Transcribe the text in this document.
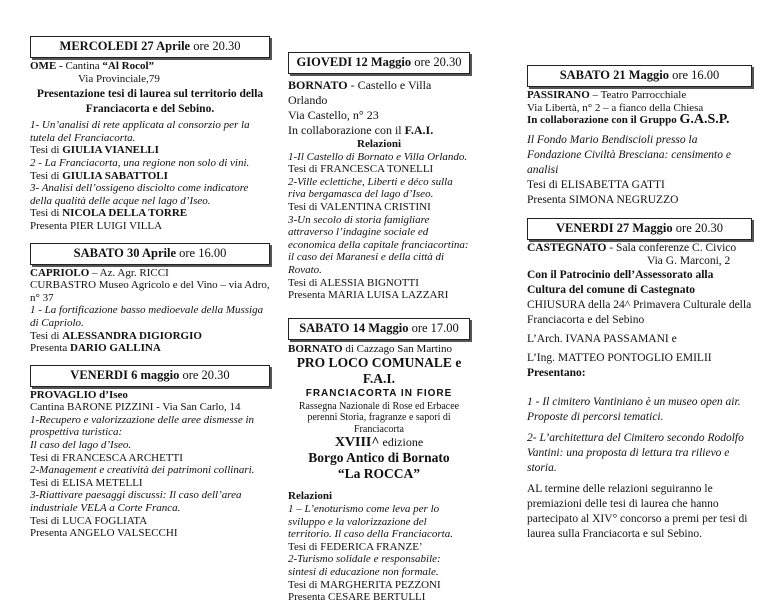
MERCOLEDI 27 Aprile ore 20.30

OME - Cantina “Al Rocol”

Via Provinciale,79

Presentazione tesi di laurea sul territorio della Franciacorta e del Sebino.

1- Un’analisi di rete applicata al consorzio per la tutela del Franciacorta.

Tesi di GIULIA VIANELLI

2 - La Franciacorta, una regione non solo di vini.

Tesi di GIULIA SABATTOLI

3- Analisi dell’ossigeno disciolto come indicatore della qualità delle acque nel lago d’Iseo.

Tesi di NICOLA DELLA TORRE

Presenta PIER LUIGI VILLA

SABATO 30 Aprile ore 16.00

CAPRIOLO – Az. Agr. RICCI

CURBASTRO Museo Agricolo e del Vino – via Adro, n° 37

1 - La fortificazione basso medioevale della Mussiga di Capriolo.

Tesi di ALESSANDRA DIGIORGIO

Presenta DARIO GALLINA

VENERDI 6 maggio ore 20.30

PROVAGLIO d’Iseo

Cantina BARONE PIZZINI - Via San Carlo, 14

1-Recupero e valorizzazione delle aree dismesse in prospettiva turistica:

Il caso del lago d’Iseo.

Tesi di FRANCESCA ARCHETTI

2-Management e creatività dei patrimoni collinari.

Tesi di ELISA METELLI

3-Riattivare paesaggi discussi: Il caso dell’area industriale VELA a Corte Franca.

Tesi di LUCA FOGLIATA

Presenta ANGELO VALSECCHI

GIOVEDI 12 Maggio ore 20.30

BORNATO - Castello e Villa Orlando

Via Castello, n° 23

In collaborazione con il F.A.I.

Relazioni

1-Il Castello di Bornato e Villa Orlando.

Tesi di FRANCESCA TONELLI

2-Ville eclettiche, Liberti e déco sulla riva bergamasca del lago d’Iseo.

Tesi di VALENTINA CRISTINI

3-Un secolo di storia famigliare attraverso l’indagine sociale ed economica della capitale franciacortina: il caso dei Maranesi e della città di Rovato.

Tesi di ALESSIA BIGNOTTI

Presenta MARIA LUISA LAZZARI

SABATO 14 Maggio ore 17.00

BORNATO di Cazzago San Martino

PRO LOCO COMUNALE e F.A.I.

FRANCIACORTA IN FIORE

Rassegna Nazionale di Rose ed Erbacee perenni Storia, fragranze e sapori di Franciacorta

XVIII^ edizione

Borgo Antico di Bornato

“La ROCCA”

Relazioni

1 – L’enoturismo come leva per lo sviluppo e la valorizzazione del territorio. Il caso della Franciacorta.

Tesi di FEDERICA FRANZE’

2-Turismo solidale e responsabile: sintesi di educazione non formale.

Tesi di MARGHERITA PEZZONI

Presenta CESARE BERTULLI

SABATO 21 Maggio ore 16.00

PASSIRANO – Teatro Parrocchiale

Via Libertà, n° 2 – a fianco della Chiesa

In collaborazione con il Gruppo G.A.S.P.

Il Fondo Mario Bendiscioli presso la Fondazione Civiltà Bresciana: censimento e analisi

Tesi di ELISABETTA GATTI

Presenta SIMONA NEGRUZZO

VENERDI 27 Maggio ore 20.30

CASTEGNATO - Sala conferenze C. Civico

Via G. Marconi, 2

Con il Patrocinio dell’Assessorato alla Cultura del comune di Castegnato

CHIUSURA della 24^ Primavera Culturale della Franciacorta e del Sebino

L’Arch. IVANA PASSAMANI e

L’Ing. MATTEO PONTOGLIO EMILII

Presentano:

1 - Il cimitero Vantiniano è un museo open air. Proposte di percorsi tematici.

2- L’architettura del Cimitero secondo Rodolfo Vantini: una proposta di lettura tra rilievo e storia.

AL termine delle relazioni seguiranno le premiazioni delle tesi di laurea che hanno partecipato al XIV° concorso a premi per tesi di laurea sulla Franciacorta e sul Sebino.
